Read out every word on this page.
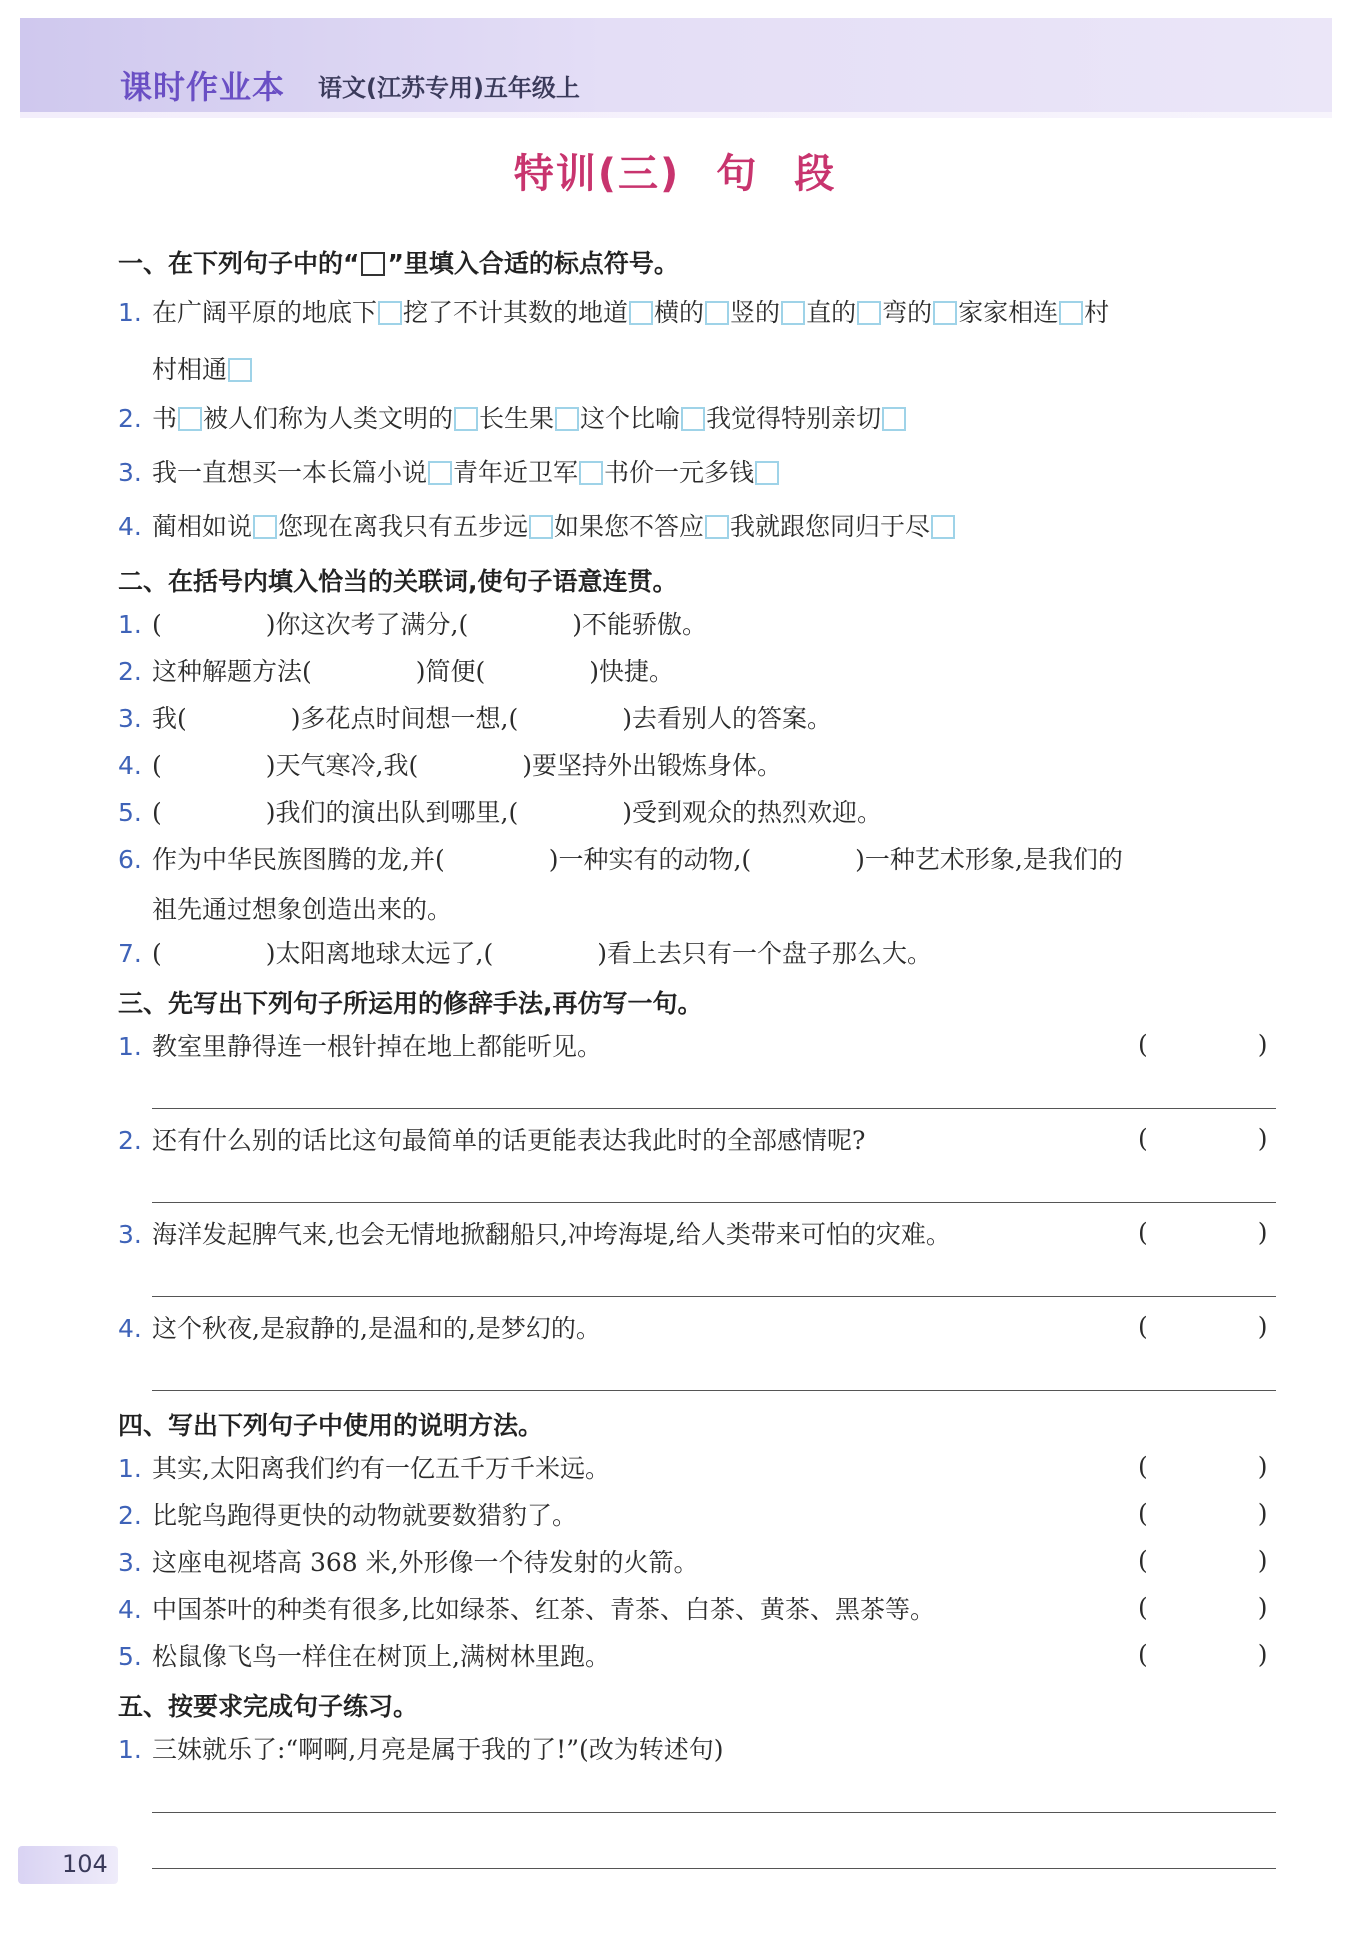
课时作业本 语文(江苏专用)五年级上
特训(三) 句 段
一、在下列句子中的“ ”里填入合适的标点符号。
1. 在广阔平原的地底下 挖了不计其数的地道 横的 竖的 直的 弯的 家家相连 村
村相通
2. 书 被人们称为人类文明的 长生果 这个比喻 我觉得特别亲切
3. 我一直想买一本长篇小说 青年近卫军 书价一元多钱
4. 蔺相如说 您现在离我只有五步远 如果您不答应 我就跟您同归于尽
二、在括号内填入恰当的关联词,使句子语意连贯。
1. (	)你这次考了满分,(	)不能骄傲。
2. 这种解题方法(	)简便(	)快捷。
3. 我(	)多花点时间想一想,(	)去看别人的答案。
4. (	)天气寒冷,我(	)要坚持外出锻炼身体。
5. (	)我们的演出队到哪里,(	)受到观众的热烈欢迎。
6. 作为中华民族图腾的龙,并(	)一种实有的动物,(	)一种艺术形象,是我们的
祖先通过想象创造出来的。
7. (	)太阳离地球太远了,(	)看上去只有一个盘子那么大。
三、先写出下列句子所运用的修辞手法,再仿写一句。
1. 教室里静得连一根针掉在地上都能听见。	(	)
2. 还有什么别的话比这句最简单的话更能表达我此时的全部感情呢?	(	)
3. 海洋发起脾气来,也会无情地掀翻船只,冲垮海堤,给人类带来可怕的灾难。	(	)
4. 这个秋夜,是寂静的,是温和的,是梦幻的。	(	)
四、写出下列句子中使用的说明方法。
1. 其实,太阳离我们约有一亿五千万千米远。	(	)
2. 比鸵鸟跑得更快的动物就要数猎豹了。	(	)
3. 这座电视塔高 368 米,外形像一个待发射的火箭。	(	)
4. 中国茶叶的种类有很多,比如绿茶、红茶、青茶、白茶、黄茶、黑茶等。	(	)
5. 松鼠像飞鸟一样住在树顶上,满树林里跑。	(	)
五、按要求完成句子练习。
1. 三妹就乐了:“啊啊,月亮是属于我的了!”(改为转述句)
104
